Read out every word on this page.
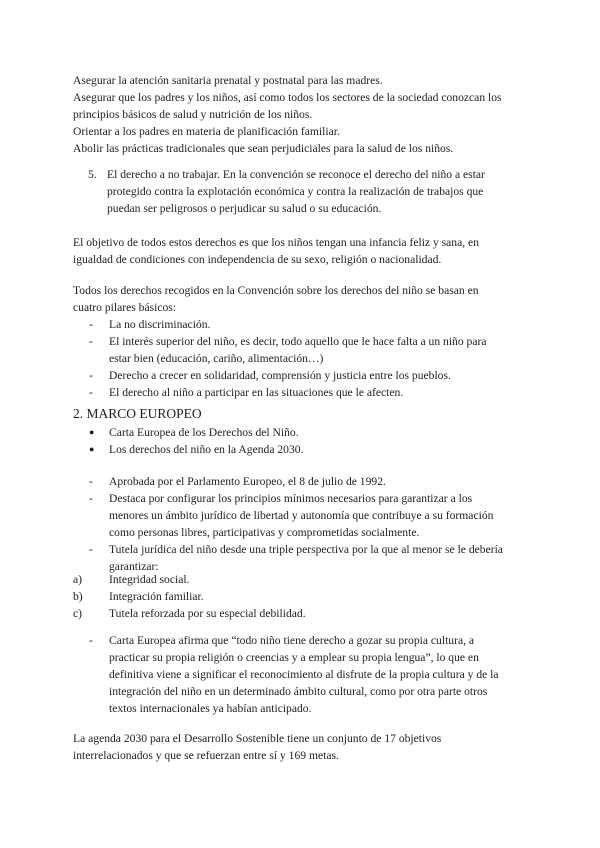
Asegurar la atención sanitaria prenatal y postnatal para las madres.
Asegurar que los padres y los niños, así como todos los sectores de la sociedad conozcan los
principios básicos de salud y nutrición de los niños.
Orientar a los padres en materia de planificación familiar.
Abolir las prácticas tradicionales que sean perjudiciales para la salud de los niños.
5. El derecho a no trabajar. En la convención se reconoce el derecho del niño a estar
protegido contra la explotación económica y contra la realización de trabajos que
puedan ser peligrosos o perjudicar su salud o su educación.
El objetivo de todos estos derechos es que los niños tengan una infancia feliz y sana, en
igualdad de condiciones con independencia de su sexo, religión o nacionalidad.
Todos los derechos recogidos en la Convención sobre los derechos del niño se basan en
cuatro pilares básicos:
- La no discriminación.
- El interés superior del niño, es decir, todo aquello que le hace falta a un niño para
estar bien (educación, cariño, alimentación…)
- Derecho a crecer en solidaridad, comprensión y justicia entre los pueblos.
- El derecho al niño a participar en las situaciones que le afecten.
2. MARCO EUROPEO
● Carta Europea de los Derechos del Niño.
● Los derechos del niño en la Agenda 2030.
- Aprobada por el Parlamento Europeo, el 8 de julio de 1992.
- Destaca por configurar los principios mínimos necesarios para garantizar a los
menores un ámbito jurídico de libertad y autonomía que contribuye a su formación
como personas libres, participativas y comprometidas socialmente.
- Tutela jurídica del niño desde una triple perspectiva por la que al menor se le debería
garantizar:
a) Integridad social.
b) Integración familiar.
c) Tutela reforzada por su especial debilidad.
- Carta Europea afirma que “todo niño tiene derecho a gozar su propia cultura, a
practicar su propia religión o creencias y a emplear su propia lengua”, lo que en
definitiva viene a significar el reconocimiento al disfrute de la propia cultura y de la
integración del niño en un determinado ámbito cultural, como por otra parte otros
textos internacionales ya habían anticipado.
La agenda 2030 para el Desarrollo Sostenible tiene un conjunto de 17 objetivos
interrelacionados y que se refuerzan entre sí y 169 metas.
